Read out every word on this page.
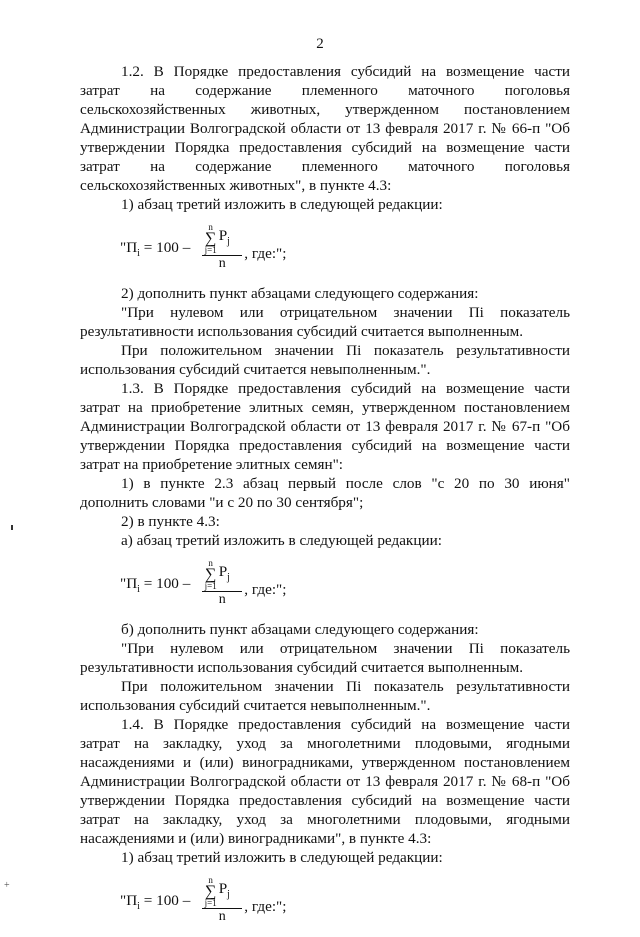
2

1.2. В Порядке предоставления субсидий на возмещение части затрат на содержание племенного маточного поголовья сельскохозяйственных животных, утвержденном постановлением Администрации Волгоградской области от 13 февраля 2017 г. № 66-п "Об утверждении Порядка предоставления субсидий на возмещение части затрат на содержание племенного маточного поголовья сельскохозяйственных животных", в пункте 4.3:

1) абзац третий изложить в следующей редакции:

"$П_i = 100 - n$
∑
j=1
$P_j$
n , где:";

2) дополнить пункт абзацами следующего содержания:

"При нулевом или отрицательном значении Пi показатель результативности использования субсидий считается выполненным.

При положительном значении Пi показатель результативности использования субсидий считается невыполненным.".

1.3. В Порядке предоставления субсидий на возмещение части затрат на приобретение элитных семян, утвержденном постановлением Администрации Волгоградской области от 13 февраля 2017 г. № 67-п "Об утверждении Порядка предоставления субсидий на возмещение части затрат на приобретение элитных семян":

1) в пункте 2.3 абзац первый после слов "с 20 по 30 июня" дополнить словами "и с 20 по 30 сентября";

2) в пункте 4.3:

а) абзац третий изложить в следующей редакции:

"$П_i = 100 - n$
∑
j=1
$P_j$
n , где:";

б) дополнить пункт абзацами следующего содержания:

"При нулевом или отрицательном значении Пi показатель результативности использования субсидий считается выполненным.

При положительном значении Пi показатель результативности использования субсидий считается невыполненным.".

1.4. В Порядке предоставления субсидий на возмещение части затрат на закладку, уход за многолетними плодовыми, ягодными насаждениями и (или) виноградниками, утвержденном постановлением Администрации Волгоградской области от 13 февраля 2017 г. № 68-п "Об утверждении Порядка предоставления субсидий на возмещение части затрат на закладку, уход за многолетними плодовыми, ягодными насаждениями и (или) виноградниками", в пункте 4.3:

1) абзац третий изложить в следующей редакции:

"$П_i = 100 - n$
∑
j=1
$P_j$
n , где:";
+
